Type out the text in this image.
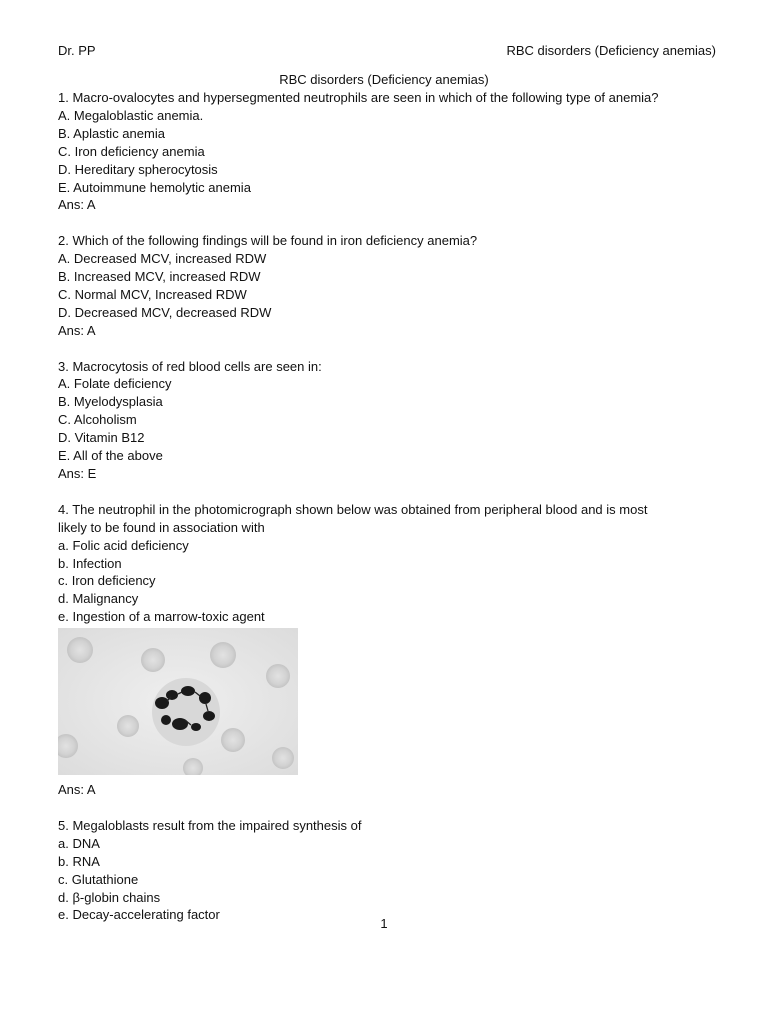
Dr. PP	RBC disorders (Deficiency anemias)
RBC disorders (Deficiency anemias)
1. Macro-ovalocytes and hypersegmented neutrophils are seen in which of the following type of anemia?
A. Megaloblastic anemia.
B. Aplastic anemia
C. Iron deficiency anemia
D. Hereditary spherocytosis
E. Autoimmune hemolytic anemia
Ans: A
2. Which of the following findings will be found in iron deficiency anemia?
A. Decreased MCV, increased RDW
B. Increased MCV, increased RDW
C. Normal MCV, Increased RDW
D. Decreased MCV, decreased RDW
Ans: A
3. Macrocytosis of red blood cells are seen in:
A. Folate deficiency
B. Myelodysplasia
C. Alcoholism
D. Vitamin B12
E. All of the above
Ans: E
4. The neutrophil in the photomicrograph shown below was obtained from peripheral blood and is most
likely to be found in association with
a. Folic acid deficiency
b. Infection
c. Iron deficiency
d. Malignancy
e. Ingestion of a marrow-toxic agent
Ans: A
5. Megaloblasts result from the impaired synthesis of
a. DNA
b. RNA
c. Glutathione
d. β-globin chains
e. Decay-accelerating factor
1
